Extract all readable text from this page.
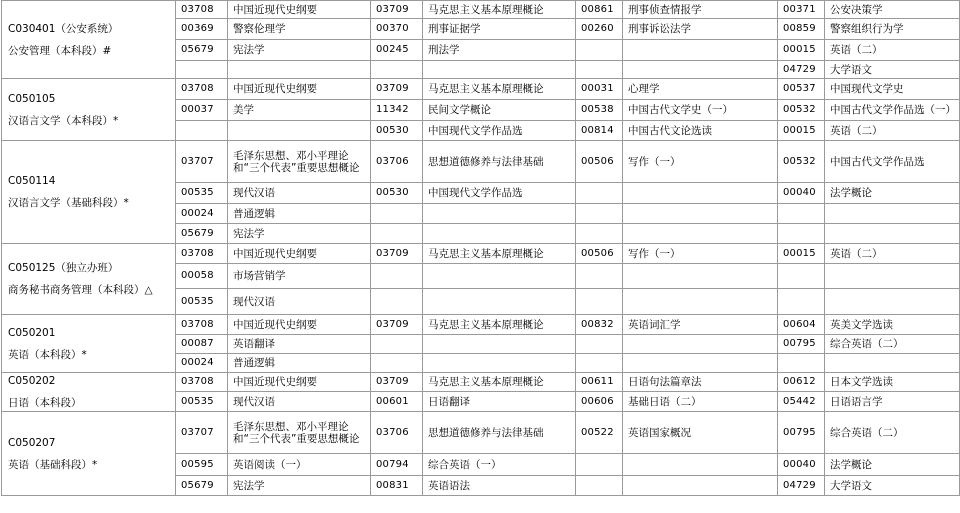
C030401（公安系统）
公安管理（本科段）#	03708	中国近现代史纲要	03709	马克思主义基本原理概论	00861	刑事侦查情报学	00371	公安决策学
	00369	警察伦理学	00370	刑事证据学	00260	刑事诉讼法学	00859	警察组织行为学
	05679	宪法学	00245	刑法学			00015	英语（二）
							04729	大学语文

C050105
汉语言文学（本科段）*	03708	中国近现代史纲要	03709	马克思主义基本原理概论	00031	心理学	00537	中国现代文学史
	00037	美学	11342	民间文学概论	00538	中国古代文学史（一）	00532	中国古代文学作品选（一）
			00530	中国现代文学作品选	00814	中国古代文论选读	00015	英语（二）

C050114
汉语言文学（基础科段）*	03707	毛泽东思想、邓小平理论和“三个代表”重要思想概论	03706	思想道德修养与法律基础	00506	写作（一）	00532	中国古代文学作品选
	00535	现代汉语	00530	中国现代文学作品选			00040	法学概论
	00024	普通逻辑						
	05679	宪法学						

C050125（独立办班）
商务秘书商务管理（本科段）△	03708	中国近现代史纲要	03709	马克思主义基本原理概论	00506	写作（一）	00015	英语（二）
	00058	市场营销学						
	00535	现代汉语						

C050201
英语（本科段）*	03708	中国近现代史纲要	03709	马克思主义基本原理概论	00832	英语词汇学	00604	英美文学选读
	00087	英语翻译					00795	综合英语（二）
	00024	普通逻辑						

C050202
日语（本科段）	03708	中国近现代史纲要	03709	马克思主义基本原理概论	00611	日语句法篇章法	00612	日本文学选读
	00535	现代汉语	00601	日语翻译	00606	基础日语（二）	05442	日语语言学

C050207
英语（基础科段）*	03707	毛泽东思想、邓小平理论和“三个代表”重要思想概论	03706	思想道德修养与法律基础	00522	英语国家概况	00795	综合英语（二）
	00595	英语阅读（一）	00794	综合英语（一）			00040	法学概论
	05679	宪法学	00831	英语语法			04729	大学语文
